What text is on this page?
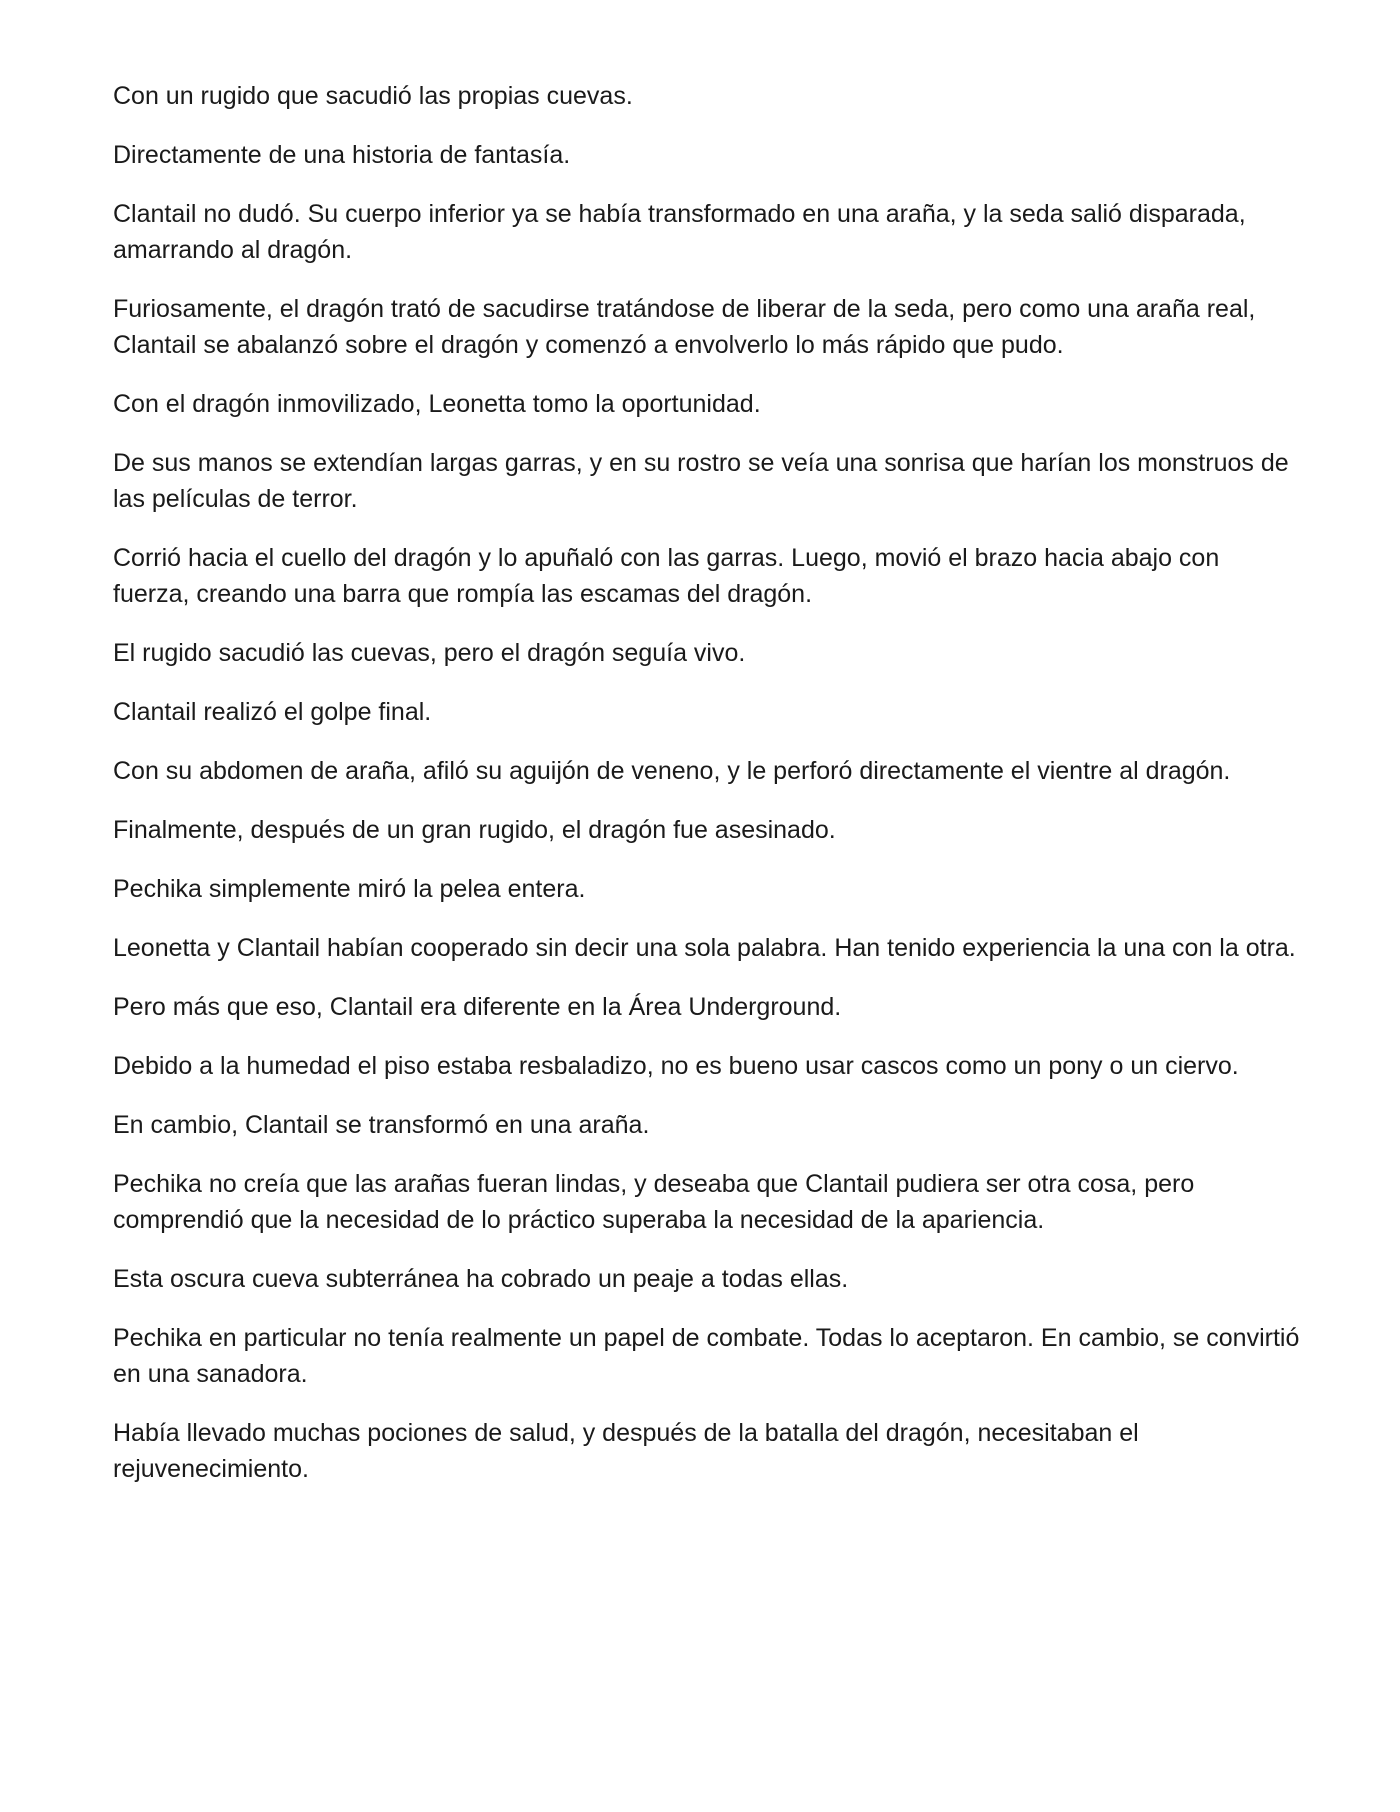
Con un rugido que sacudió las propias cuevas.

Directamente de una historia de fantasía.

Clantail no dudó. Su cuerpo inferior ya se había transformado en una araña, y la seda salió disparada, amarrando al dragón.

Furiosamente, el dragón trató de sacudirse tratándose de liberar de la seda, pero como una araña real, Clantail se abalanzó sobre el dragón y comenzó a envolverlo lo más rápido que pudo.

Con el dragón inmovilizado, Leonetta tomo la oportunidad.

De sus manos se extendían largas garras, y en su rostro se veía una sonrisa que harían los monstruos de las películas de terror.

Corrió hacia el cuello del dragón y lo apuñaló con las garras. Luego, movió el brazo hacia abajo con fuerza, creando una barra que rompía las escamas del dragón.

El rugido sacudió las cuevas, pero el dragón seguía vivo.

Clantail realizó el golpe final.

Con su abdomen de araña, afiló su aguijón de veneno, y le perforó directamente el vientre al dragón.

Finalmente, después de un gran rugido, el dragón fue asesinado.

Pechika simplemente miró la pelea entera.

Leonetta y Clantail habían cooperado sin decir una sola palabra. Han tenido experiencia la una con la otra.

Pero más que eso, Clantail era diferente en la Área Underground.

Debido a la humedad el piso estaba resbaladizo, no es bueno usar cascos como un pony o un ciervo.

En cambio, Clantail se transformó en una araña.

Pechika no creía que las arañas fueran lindas, y deseaba que Clantail pudiera ser otra cosa, pero comprendió que la necesidad de lo práctico superaba la necesidad de la apariencia.

Esta oscura cueva subterránea ha cobrado un peaje a todas ellas.

Pechika en particular no tenía realmente un papel de combate. Todas lo aceptaron. En cambio, se convirtió en una sanadora.

Había llevado muchas pociones de salud, y después de la batalla del dragón, necesitaban el rejuvenecimiento.
